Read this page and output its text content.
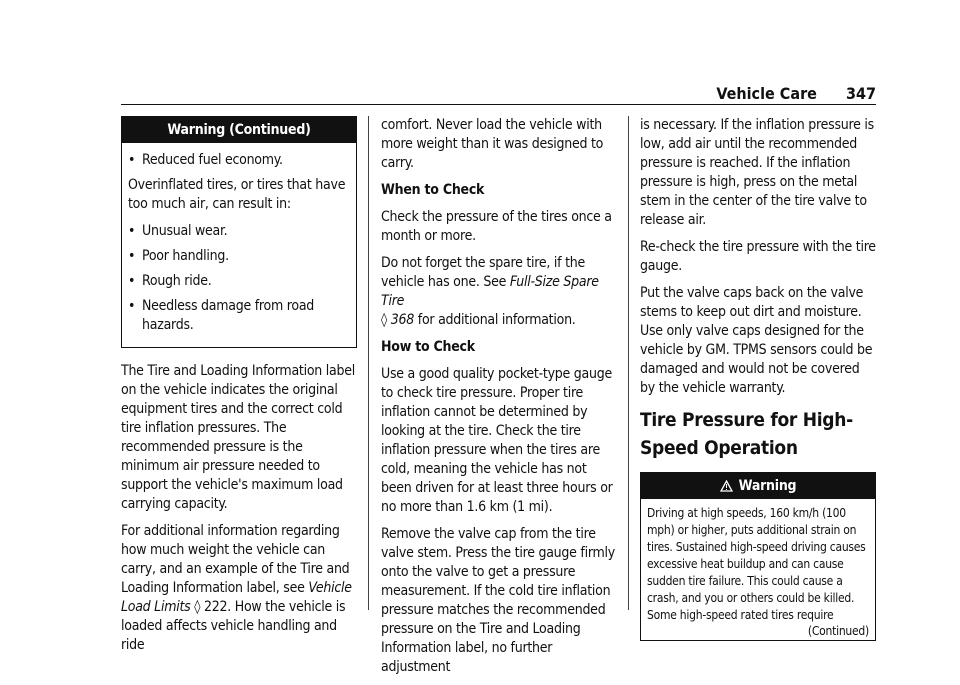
Vehicle Care 347
Warning (Continued)
• Reduced fuel economy.

Overinflated tires, or tires that have too much air, can result in:

• Unusual wear.
• Poor handling.
• Rough ride.
• Needless damage from road hazards.

The Tire and Loading Information label on the vehicle indicates the original equipment tires and the correct cold tire inflation pressures. The recommended pressure is the minimum air pressure needed to support the vehicle's maximum load carrying capacity.

For additional information regarding how much weight the vehicle can carry, and an example of the Tire and Loading Information label, see Vehicle Load Limits ◊ 222. How the vehicle is loaded affects vehicle handling and ride

comfort. Never load the vehicle with more weight than it was designed to carry.

When to Check

Check the pressure of the tires once a month or more.

Do not forget the spare tire, if the vehicle has one. See Full-Size Spare Tire
◊ 368 for additional information.

How to Check

Use a good quality pocket-type gauge to check tire pressure. Proper tire inflation cannot be determined by looking at the tire. Check the tire inflation pressure when the tires are cold, meaning the vehicle has not been driven for at least three hours or no more than 1.6 km (1 mi).

Remove the valve cap from the tire valve stem. Press the tire gauge firmly onto the valve to get a pressure measurement. If the cold tire inflation pressure matches the recommended pressure on the Tire and Loading Information label, no further adjustment

is necessary. If the inflation pressure is low, add air until the recommended pressure is reached. If the inflation pressure is high, press on the metal stem in the center of the tire valve to release air.

Re-check the tire pressure with the tire gauge.

Put the valve caps back on the valve stems to keep out dirt and moisture. Use only valve caps designed for the vehicle by GM. TPMS sensors could be damaged and would not be covered by the vehicle warranty.

Tire Pressure for High-Speed Operation
Warning

Driving at high speeds, 160 km/h (100 mph) or higher, puts additional strain on tires. Sustained high-speed driving causes excessive heat buildup and can cause sudden tire failure. This could cause a crash, and you or others could be killed. Some high-speed rated tires require

(Continued)
